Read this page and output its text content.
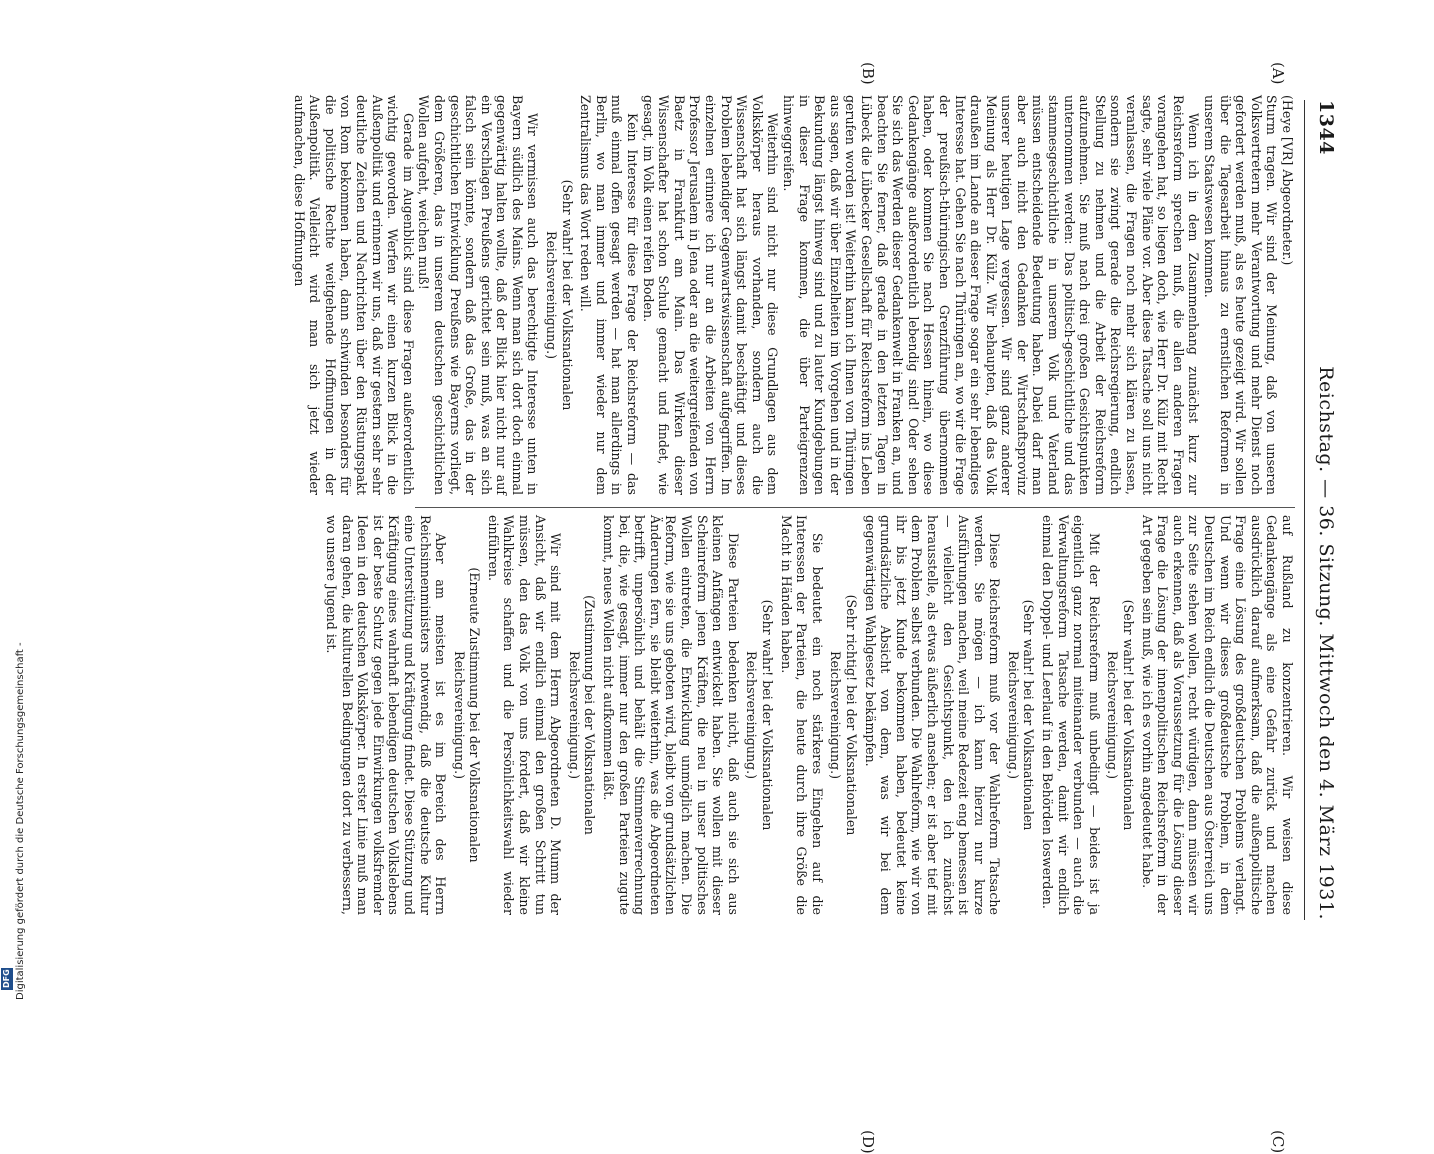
Digitalisierung gefördert durch die Deutsche Forschungsgemeinschaft -
DFG
1344
Reichstag. — 36. Sitzung. Mittwoch den 4. März 1931.
(A)
(B)
(C)
(D)

(Heye [VR] Abgeordneter.)

Sturm tragen. Wir sind der Meinung, daß von unseren Volksvertretern mehr Verantwortung und mehr Dienst noch gefordert werden muß, als es heute gezeigt wird. Wir sollen über die Tagesarbeit hinaus zu ernstlichen Reformen in unserem Staatswesen kommen.

Wenn ich in dem Zusammenhang zunächst kurz zur Reichsreform sprechen muß, die allen anderen Fragen vorangehen hat, so liegen doch, wie Herr Dr. Külz mit Recht sagte, sehr viele Pläne vor. Aber diese Tatsache soll uns nicht veranlassen, die Fragen noch mehr sich klären zu lassen, sondern sie zwingt gerade die Reichsregierung, endlich Stellung zu nehmen und die Arbeit der Reichsreform aufzunehmen. Sie muß nach drei großen Gesichtspunkten unternommen werden: Das politisch-geschichtliche und das stammesgeschichtliche in unserem Volk und Vaterland müssen entscheidende Bedeutung haben. Dabei darf man aber auch nicht den Gedanken der Wirtschaftsprovinz unserer heutigen Lage vergessen. Wir sind ganz anderer Meinung als Herr Dr. Külz. Wir behaupten, daß das Volk draußen im Lande an dieser Frage sogar ein sehr lebendiges Interesse hat. Gehen Sie nach Thüringen an, wo wir die Frage der preußisch-thüringischen Grenzführung übernommen haben, oder kommen Sie nach Hessen hinein, wo diese Gedankengänge außerordentlich lebendig sind! Oder sehen Sie sich das Werden dieser Gedankenwelt in Franken an, und beachten Sie ferner, daß gerade in den letzten Tagen in Lübeck die Lübecker Gesellschaft für Reichsreform ins Leben gerufen worden ist! Weiterhin kann ich Ihnen von Thüringen aus sagen, daß wir über Einzelheiten im Vorgehen und in der Bekundung längst hinweg sind und zu lauter Kundgebungen in dieser Frage kommen, die über Parteigrenzen hinweggreifen.

Weiterhin sind nicht nur diese Grundlagen aus dem Volkskörper heraus vorhanden, sondern auch die Wissenschaft hat sich längst damit beschäftigt und dieses Problem lebendiger Gegenwartswissenschaft aufgegriffen. Im einzelnen erinnere ich nur an die Arbeiten von Herrn Professor Jerusalem in Jena oder an die weitergreifenden von Baetz in Frankfurt am Main. Das Wirken dieser Wissenschafter hat schon Schule gemacht und findet, wie gesagt, im Volk einen reifen Boden.

Kein Interesse für diese Frage der Reichsreform — das muß einmal offen gesagt werden — hat man allerdings in Berlin, wo man immer und immer wieder nur dem Zentralismus das Wort reden will.

(Sehr wahr! bei der Volksnationalen Reichsvereinigung.)

Wir vermissen auch das berechtigte Interesse unten in Bayern südlich des Mains. Wenn man sich dort doch einmal gegenwärtig halten wollte, daß der Blick hier nicht nur auf ein Verschlagen Preußens gerichtet sein muß, was an sich falsch sein könnte, sondern daß das Große, das in der geschichtlichen Entwicklung Preußens wie Bayerns vorliegt, dem Größeren, das in unserem deutschen geschichtlichen Wollen aufgeht, weichen muß!

Gerade im Augenblick sind diese Fragen außerordentlich wichtig geworden. Werfen wir einen kurzen Blick in die Außenpolitik und erinnern wir uns, daß wir gestern sehr sehr deutliche Zeichen und Nachrichten über den Rüstungspakt von Rom bekommen haben, dann schwinden besonders für die politische Rechte weitgehende Hoffnungen in der Außenpolitik. Vielleicht wird man sich jetzt wieder aufmachen, diese Hoffnungen

auf Rußland zu konzentrieren. Wir weisen diese Gedankengänge als eine Gefahr zurück und machen ausdrücklich darauf aufmerksam, daß die außenpolitische Frage eine Lösung des großdeutschen Problems verlangt. Und wenn wir dieses großdeutsche Problem, in dem Deutschen im Reich endlich die Deutschen aus Österreich uns zur Seite stehen wollen, recht würdigen, dann müssen wir auch erkennen, daß als Voraussetzung für die Lösung dieser Frage die Lösung der innenpolitischen Reichsreform in der Art gegeben sein muß, wie ich es vorhin angedeutet habe.

(Sehr wahr! bei der Volksnationalen Reichsvereinigung.)

Mit der Reichsreform muß unbedingt — beides ist ja eigentlich ganz normal miteinander verbunden — auch die Verwaltungsreform Tatsache werden, damit wir endlich einmal den Doppel- und Leerlauf in den Behörden loswerden.

(Sehr wahr! bei der Volksnationalen Reichsvereinigung.)

Diese Reichsreform muß vor der Wahlreform Tatsache werden. Sie mögen — ich kann hierzu nur kurze Ausführungen machen, weil meine Redezeit eng bemessen ist — vielleicht den Gesichtspunkt, den ich zunächst herausstelle, als etwas äußerlich ansehen; er ist aber tief mit dem Problem selbst verbunden. Die Wahlreform, wie wir von ihr bis jetzt Kunde bekommen haben, bedeutet keine grundsätzliche Absicht von dem, was wir bei dem gegenwärtigen Wahlgesetz bekämpfen.

(Sehr richtig! bei der Volksnationalen Reichsvereinigung.)

Sie bedeutet ein noch stärkeres Eingehen auf die Interessen der Parteien, die heute durch ihre Größe die Macht in Händen haben.

(Sehr wahr! bei der Volksnationalen Reichsvereinigung.)

Diese Parteien bedenken nicht, daß auch sie sich aus kleinen Anfängen entwickelt haben. Sie wollen mit dieser Scheinreform jenen Kräften, die neu in unser politisches Wollen eintreten, die Entwicklung unmöglich machen. Die Reform, wie sie uns geboten wird, bleibt von grundsätzlichen Änderungen fern, sie bleibt weiterhin, was die Abgeordneten betrifft, unpersönlich und behält die Stimmenverrechnung bei, die, wie gesagt, immer nur den großen Parteien zugute kommt, neues Wollen nicht aufkommen läßt.

(Zustimmung bei der Volksnationalen Reichsvereinigung.)

Wir sind mit dem Herrn Abgeordneten D. Mumm der Ansicht, daß wir endlich einmal den großen Schritt tun müssen, den das Volk von uns fordert, daß wir kleine Wahlkreise schaffen und die Persönlichkeitswahl wieder einführen.

(Erneute Zustimmung bei der Volksnationalen Reichsvereinigung.)

Aber am meisten ist es im Bereich des Herrn Reichsinnenministers notwendig, daß die deutsche Kultur eine Unterstützung und Kräftigung findet. Diese Stützung und Kräftigung eines wahrhaft lebendigen deutschen Volkslebens ist der beste Schutz gegen jede Einwirkungen volksfremder Ideen in den deutschen Volkskörper. In erster Linie muß man daran gehen, die kulturellen Bedingungen dort zu verbessern, wo unsere Jugend ist.
